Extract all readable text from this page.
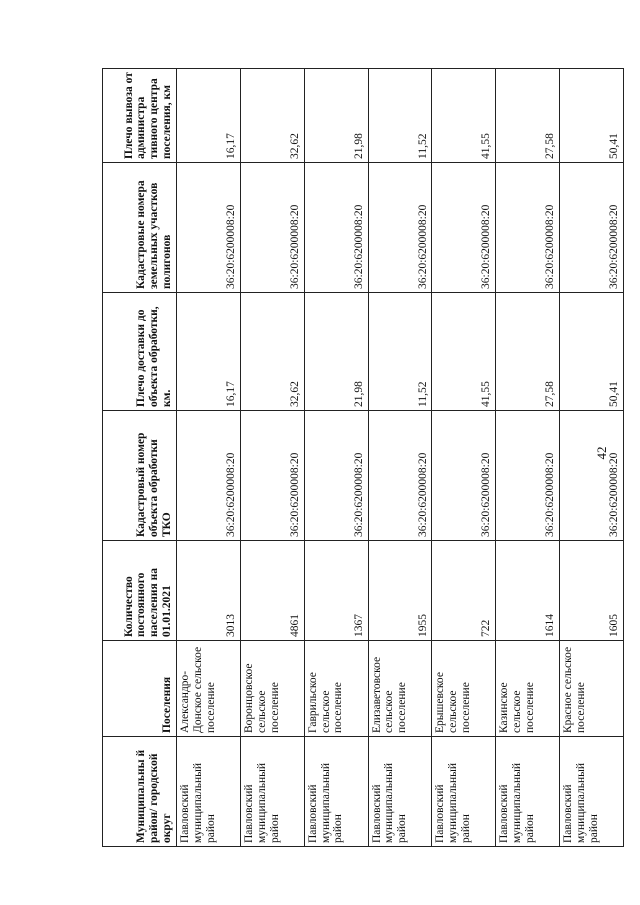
42
Муниципальны й район/ городской округ	Поселения	Количество постоянного населения на 01.01.2021	Кадастровый номер объекта обработки ТКО	Плечо доставки до объекта обработки, км.	Кадастровые номера земельных участков полигонов	Плечо вывоза от администра тивного центра поселения, км
Павловский муниципальный район	Александро-Донское сельское поселение	3013	36:20:6200008:20	16,17	36:20:6200008:20	16,17
Павловский муниципальный район	Воронцовское сельское поселение	4861	36:20:6200008:20	32,62	36:20:6200008:20	32,62
Павловский муниципальный район	Гаврильское сельское поселение	1367	36:20:6200008:20	21,98	36:20:6200008:20	21,98
Павловский муниципальный район	Елизаветовское сельское поселение	1955	36:20:6200008:20	11,52	36:20:6200008:20	11,52
Павловский муниципальный район	Ерышевское сельское поселение	722	36:20:6200008:20	41,55	36:20:6200008:20	41,55
Павловский муниципальный район	Казинское сельское поселение	1614	36:20:6200008:20	27,58	36:20:6200008:20	27,58
Павловский муниципальный район	Красное сельское поселение	1605	36:20:6200008:20	50,41	36:20:6200008:20	50,41
